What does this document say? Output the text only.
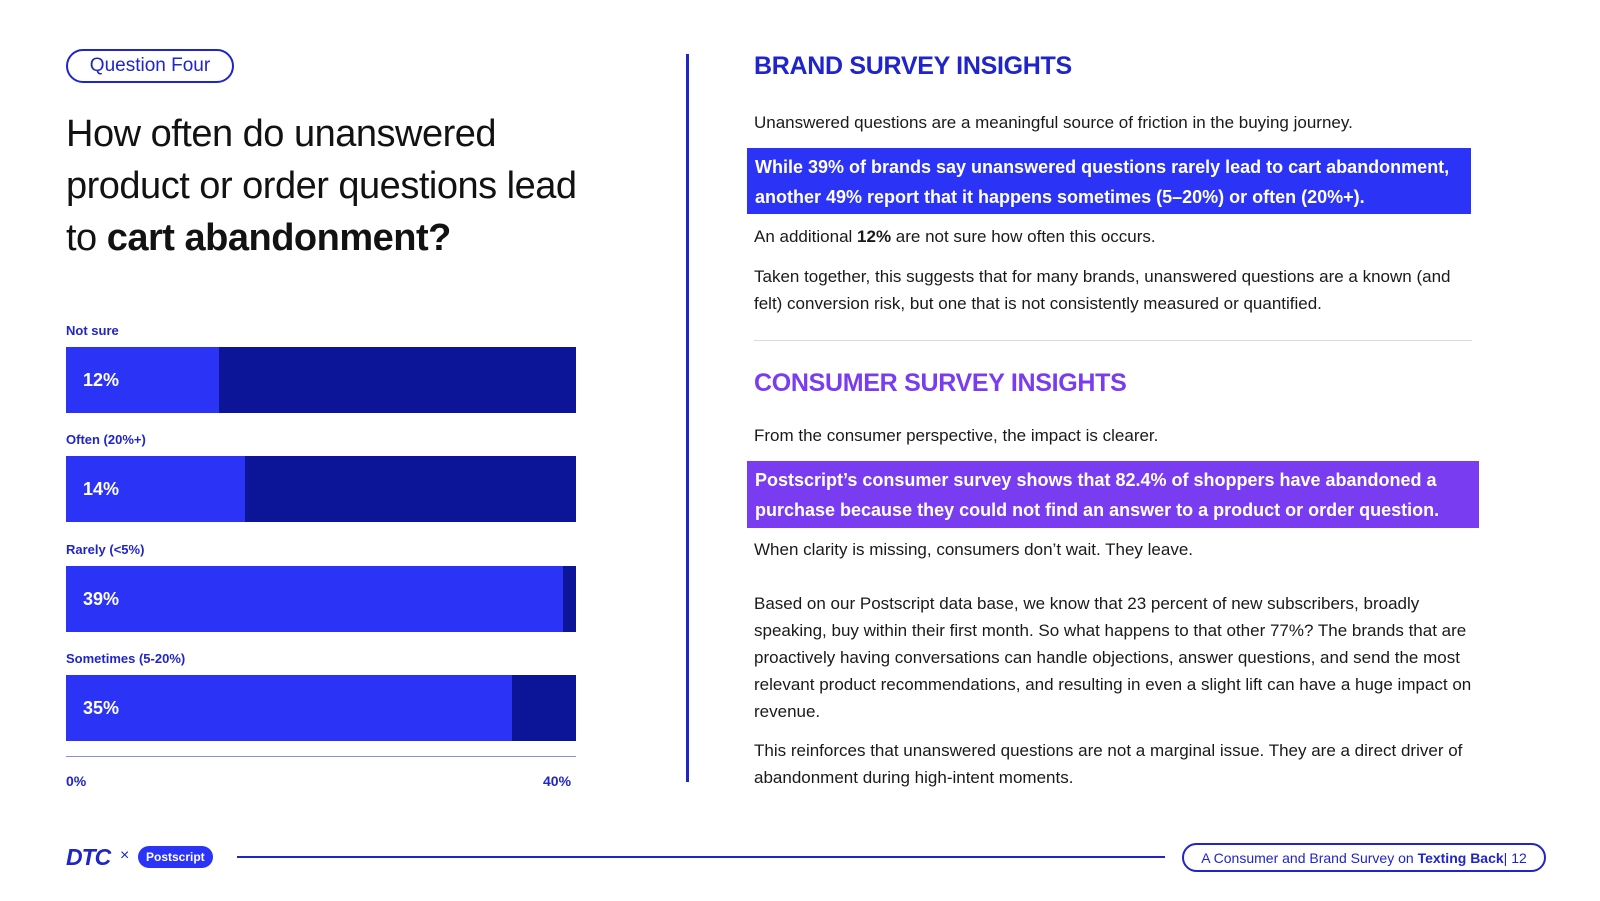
Question Four
How often do unanswered
product or order questions lead
to cart abandonment?
Not sure
12%
Often (20%+)
14%
Rarely (<5%)
39%
Sometimes (5-20%)
35%
0%	40%
BRAND SURVEY INSIGHTS
Unanswered questions are a meaningful source of friction in the buying journey.
While 39% of brands say unanswered questions rarely lead to cart abandonment,
another 49% report that it happens sometimes (5–20%) or often (20%+).
An additional 12% are not sure how often this occurs.
Taken together, this suggests that for many brands, unanswered questions are a known (and
felt) conversion risk, but one that is not consistently measured or quantified.
CONSUMER SURVEY INSIGHTS
From the consumer perspective, the impact is clearer.
Postscript’s consumer survey shows that 82.4% of shoppers have abandoned a
purchase because they could not find an answer to a product or order question.
When clarity is missing, consumers don’t wait. They leave.
Based on our Postscript data base, we know that 23 percent of new subscribers, broadly
speaking, buy within their first month. So what happens to that other 77%? The brands that are
proactively having conversations can handle objections, answer questions, and send the most
relevant product recommendations, and resulting in even a slight lift can have a huge impact on
revenue.
This reinforces that unanswered questions are not a marginal issue. They are a direct driver of
abandonment during high-intent moments.
DTC ×	Postscript	A Consumer and Brand Survey on
Texting Back | 12
